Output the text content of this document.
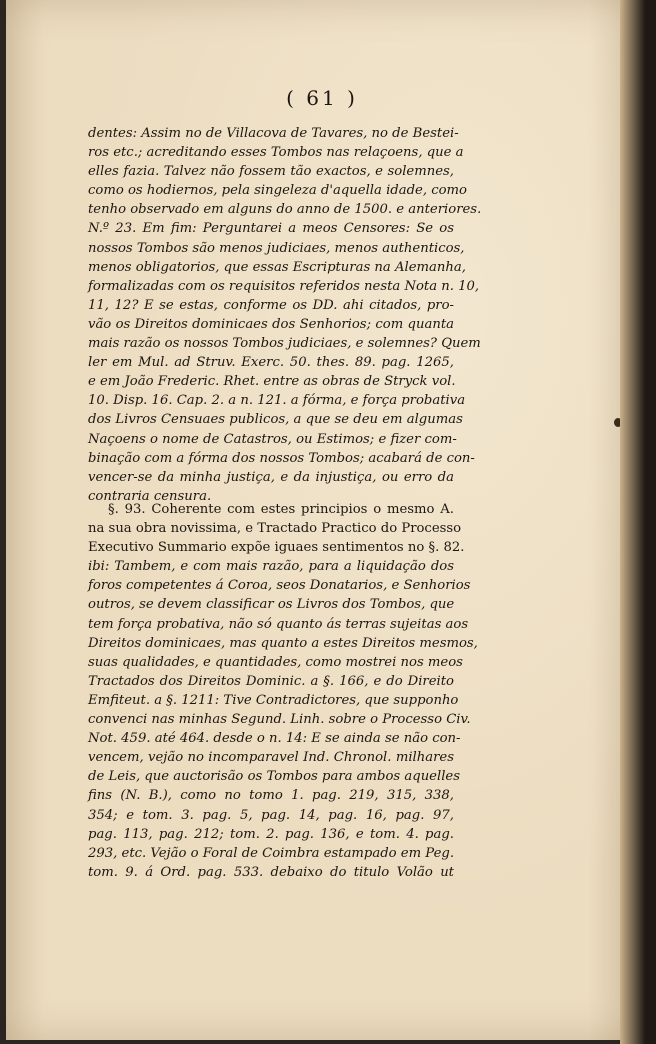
( 61 )
dentes: Assim no de Villacova de Tavares, no de Bestei-
ros etc.; acreditando esses Tombos nas relaçoens, que a
elles fazia. Talvez não fossem tão exactos, e solemnes,
como os hodiernos, pela singeleza d'aquella idade, como
tenho observado em alguns do anno de 1500. e anteriores.
N.º 23. Em fim: Perguntarei a meos Censores: Se os
nossos Tombos são menos judiciaes, menos authenticos,
menos obligatorios, que essas Escripturas na Alemanha,
formalizadas com os requisitos referidos nesta Nota n. 10,
11, 12? E se estas, conforme os DD. ahi citados, pro-
vão os Direitos dominicaes dos Senhorios; com quanta
mais razão os nossos Tombos judiciaes, e solemnes? Quem
ler em Mul. ad Struv. Exerc. 50. thes. 89. pag. 1265,
e em João Frederic. Rhet. entre as obras de Stryck vol.
10. Disp. 16. Cap. 2. a n. 121. a fórma, e força probativa
dos Livros Censuaes publicos, a que se deu em algumas
Naçoens o nome de Catastros, ou Estimos; e fizer com-
binação com a fórma dos nossos Tombos; acabará de con-
vencer-se da minha justiça, e da injustiça, ou erro da
contraria censura.
§. 93. Coherente com estes principios o mesmo A.
na sua obra novissima, e Tractado Practico do Processo
Executivo Summario expõe iguaes sentimentos no §. 82.
ibi: Tambem, e com mais razão, para a liquidação dos
foros competentes á Coroa, seos Donatarios, e Senhorios
outros, se devem classificar os Livros dos Tombos, que
tem força probativa, não só quanto ás terras sujeitas aos
Direitos dominicaes, mas quanto a estes Direitos mesmos,
suas qualidades, e quantidades, como mostrei nos meos
Tractados dos Direitos Dominic. a §. 166, e do Direito
Emfiteut. a §. 1211: Tive Contradictores, que supponho
convenci nas minhas Segund. Linh. sobre o Processo Civ.
Not. 459. até 464. desde o n. 14: E se ainda se não con-
vencem, vejão no incomparavel Ind. Chronol. milhares
de Leis, que auctorisão os Tombos para ambos aquelles
fins (N. B.), como no tomo 1. pag. 219, 315, 338,
354; e tom. 3. pag. 5, pag. 14, pag. 16, pag. 97,
pag. 113, pag. 212; tom. 2. pag. 136, e tom. 4. pag.
293, etc. Vejão o Foral de Coimbra estampado em Peg.
tom. 9. á Ord. pag. 533. debaixo do titulo Volão ut
